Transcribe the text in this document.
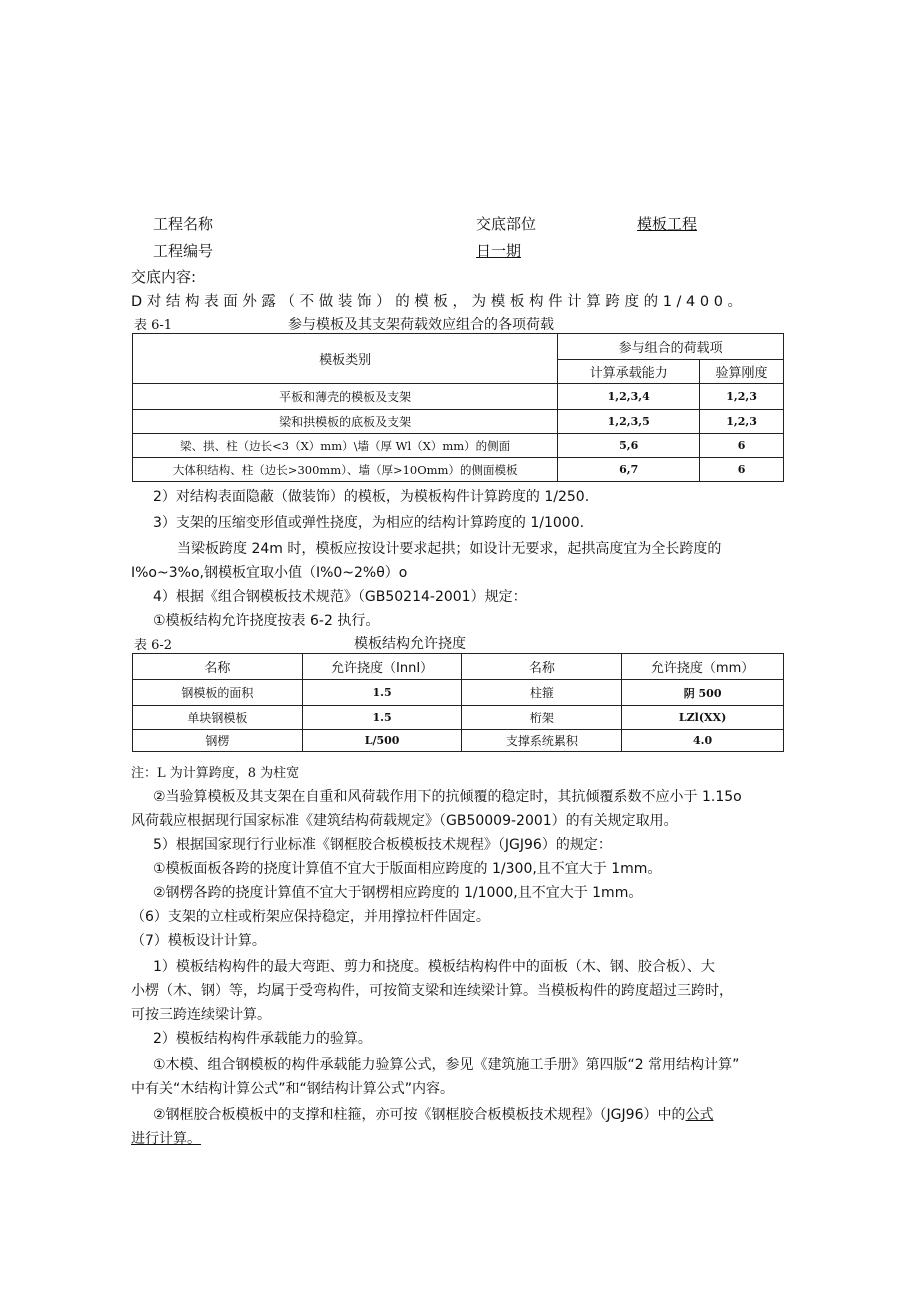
工程名称	交底部位	模板工程
工程编号	日一期
交底内容:
D 对 结 构 表 面 外 露 （ 不 做 装 饰 ） 的 模 板 ， 为 模 板 构 件 计 算 跨 度 的 1 / 4 0 0 。
表 6-1	参与模板及其支架荷载效应组合的各项荷载
模板类别	参与组合的荷载项	
	计算承载能力	验算刚度
平板和薄壳的模板及支架	1,2,3,4	1,2,3
梁和拱模板的底板及支架	1,2,3,5	1,2,3
梁、拱、柱（边长<3（X）mm）\墙（厚 Wl（X）mm）的侧面	5,6	6
大体积结构、柱（边长>300mm）、墙（厚>10Omm）的侧面模板	6,7	6
2）对结构表面隐蔽（做装饰）的模板，为模板构件计算跨度的 1/250.
3）支架的压缩变形值或弹性挠度，为相应的结构计算跨度的 1/1000.
当梁板跨度 24m 时，模板应按设计要求起拱；如设计无要求，起拱高度宜为全长跨度的
I%o~3%o,钢模板宜取小值（I%0~2%θ）o
4）根据《组合钢模板技术规范》（GB50214-2001）规定：
①模板结构允许挠度按表 6-2 执行。
表 6-2	模板结构允许挠度
名称	允许挠度（InnI）	名称	允许挠度（mm）
钢模板的面积	1.5	柱箍	阴 500
单块钢模板	1.5	桁架	LZl(XX)
钢楞	L/500	支撑系统累积	4.0
注：L 为计算跨度，8 为柱宽
②当验算模板及其支架在自重和风荷载作用下的抗倾覆的稳定时，其抗倾覆系数不应小于 1.15o
风荷载应根据现行国家标准《建筑结构荷载规定》（GB50009-2001）的有关规定取用。
5）根据国家现行行业标准《钢框胶合板模板技术规程》（JGJ96）的规定：
①模板面板各跨的挠度计算值不宜大于版面相应跨度的 1/300,且不宜大于 1mm。
②钢楞各跨的挠度计算值不宜大于钢楞相应跨度的 1/1000,且不宜大于 1mm。
（6）支架的立柱或桁架应保持稳定，并用撑拉杆件固定。
（7）模板设计计算。
1）模板结构构件的最大弯距、剪力和挠度。模板结构构件中的面板（木、钢、胶合板）、大
小楞（木、钢）等，均属于受弯构件，可按简支梁和连续梁计算。当模板构件的跨度超过三跨时，
可按三跨连续梁计算。
2）模板结构构件承载能力的验算。
①木模、组合钢模板的构件承载能力验算公式，参见《建筑施工手册》第四版“2 常用结构计算”
中有关“木结构计算公式”和“钢结构计算公式”内容。
②钢框胶合板模板中的支撑和柱箍，亦可按《钢框胶合板模板技术规程》（JGJ96）中的公式
进行计算。
